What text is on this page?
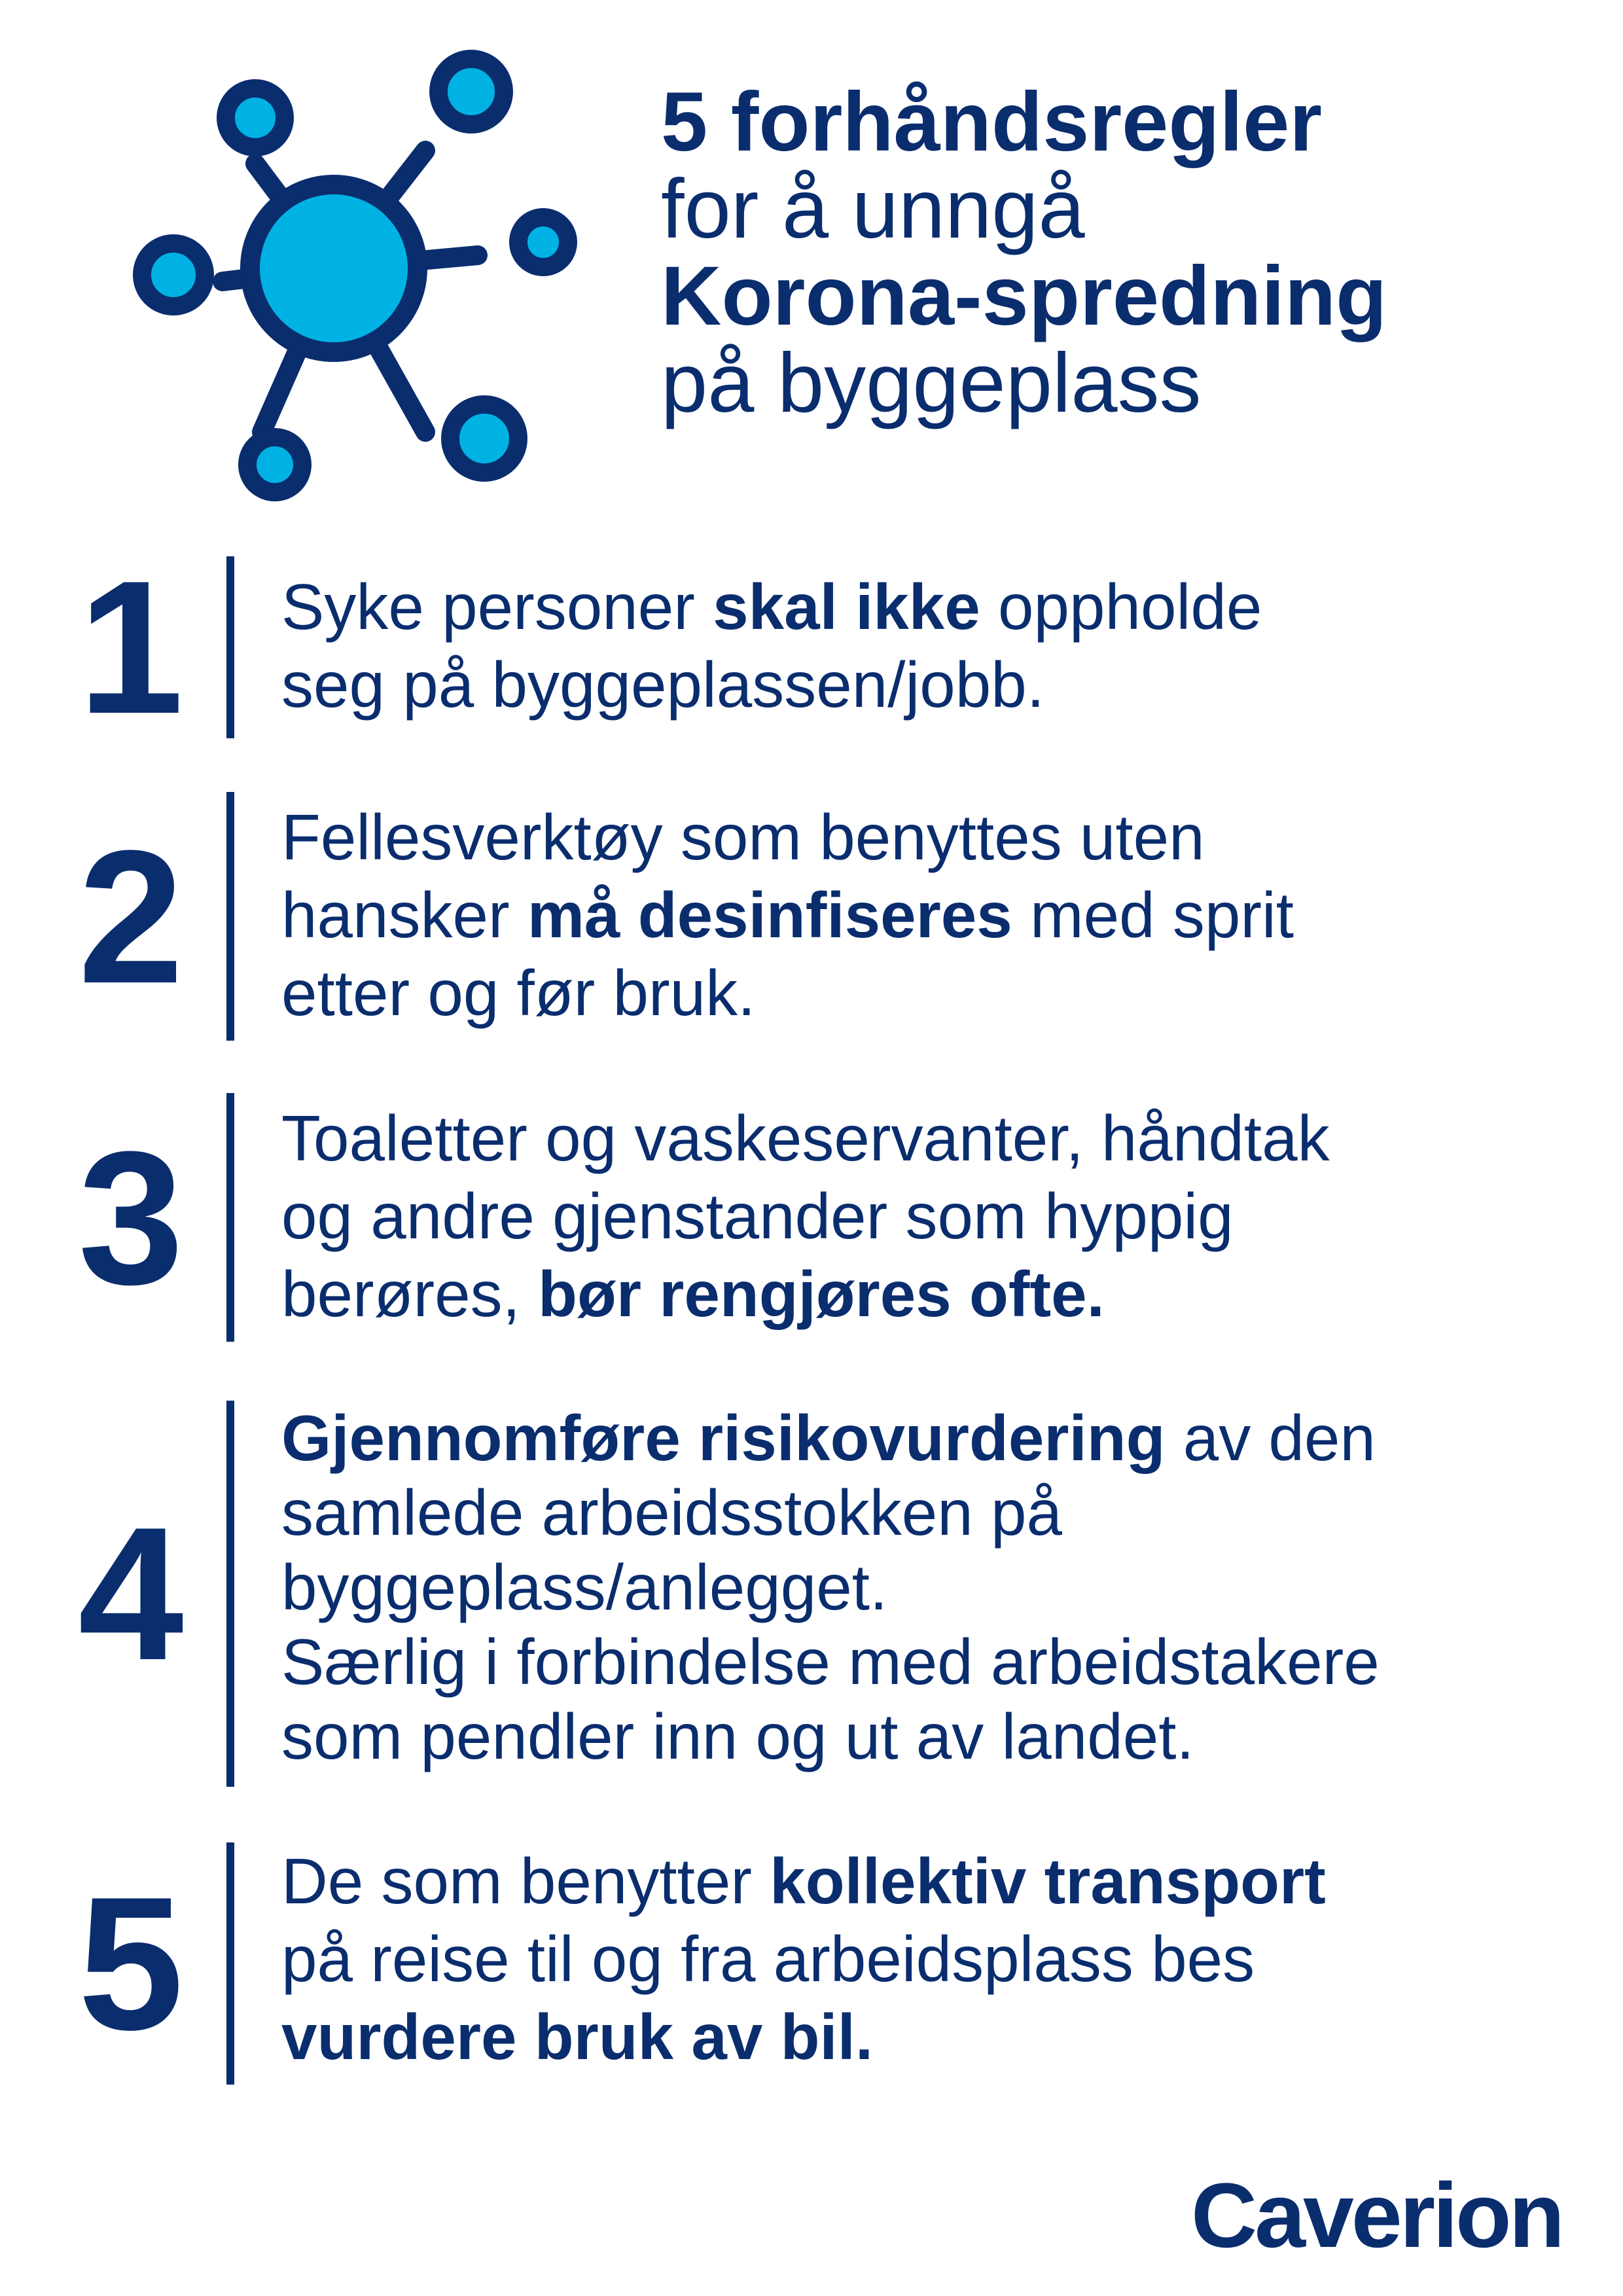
5 forhåndsregler
for å unngå
Korona-spredning
på byggeplass
1 Syke personer skal ikke oppholde
seg på byggeplassen/jobb.
2 Fellesverktøy som benyttes uten
hansker må desinfiseres med sprit
etter og før bruk.
3 Toaletter og vaskeservanter, håndtak
og andre gjenstander som hyppig
berøres, bør rengjøres ofte.
4
Gjennomføre risikovurdering av den
samlede arbeidsstokken på
byggeplass/anlegget.
Særlig i forbindelse med arbeidstakere
som pendler inn og ut av landet.
5 De som benytter kollektiv transport
på reise til og fra arbeidsplass bes
vurdere bruk av bil.
Caverion
